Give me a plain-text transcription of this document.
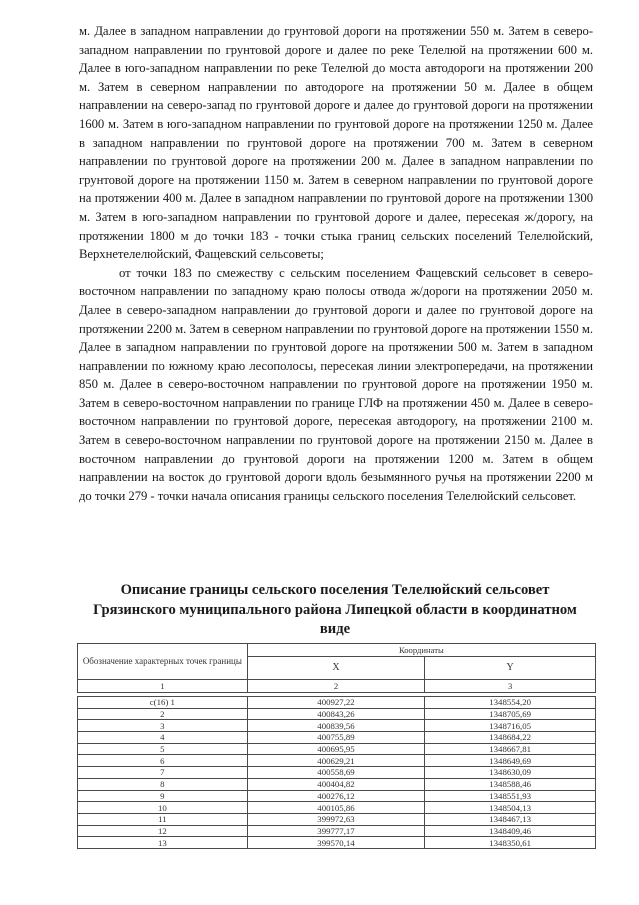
м. Далее в западном направлении до грунтовой дороги на протяжении 550 м. Затем в северо-западном направлении по грунтовой дороге и далее по реке Телелюй на протяжении 600 м. Далее в юго-западном направлении по реке Телелюй до моста автодороги на протяжении 200 м. Затем в северном направлении по автодороге на протяжении 50 м. Далее в общем направлении на северо-запад по грунтовой дороге и далее до грунтовой дороги на протяжении 1600 м. Затем в юго-западном направлении по грунтовой дороге на протяжении 1250 м. Далее в западном направлении по грунтовой дороге на протяжении 700 м. Затем в северном направлении по грунтовой дороге на протяжении 200 м. Далее в западном направлении по грунтовой дороге на протяжении 1150 м. Затем в северном направлении по грунтовой дороге на протяжении 400 м. Далее в западном направлении по грунтовой дороге на протяжении 1300 м. Затем в юго-западном направлении по грунтовой дороге и далее, пересекая ж/дорогу, на протяжении 1800 м до точки 183 - точки стыка границ сельских поселений Телелюйский, Верхнетелелюйский, Фащевский сельсоветы;

от точки 183 по смежеству с сельским поселением Фащевский сельсовет в северо-восточном направлении по западному краю полосы отвода ж/дороги на протяжении 2050 м. Далее в северо-западном направлении до грунтовой дороги и далее по грунтовой дороге на протяжении 2200 м. Затем в северном направлении по грунтовой дороге на протяжении 1550 м. Далее в западном направлении по грунтовой дороге на протяжении 500 м. Затем в западном направлении по южному краю лесополосы, пересекая линии электропередачи, на протяжении 850 м. Далее в северо-восточном направлении по грунтовой дороге на протяжении 1950 м. Затем в северо-восточном направлении по границе ГЛФ на протяжении 450 м. Далее в северо-восточном направлении по грунтовой дороге, пересекая автодорогу, на протяжении 2100 м. Затем в северо-восточном направлении по грунтовой дороге на протяжении 2150 м. Далее в восточном направлении до грунтовой дороги на протяжении 1200 м. Затем в общем направлении на восток до грунтовой дороги вдоль безымянного ручья на протяжении 2200 м до точки 279 - точки начала описания границы сельского поселения Телелюйский сельсовет.

Описание границы сельского поселения Телелюйский сельсовет
Грязинского муниципального района Липецкой области в координатном
виде
Обозначение характерных точек границы	Координаты	
	X	Y
1	2	3

с(16) 1	400927,22	1348554,20
2	400843,26	1348705,69
3	400839,56	1348716,05
4	400755,89	1348684,22
5	400695,95	1348667,81
6	400629,21	1348649,69
7	400558,69	1348630,09
8	400404,82	1348588,46
9	400276,12	1348551,93
10	400105,86	1348504,13
11	399972,63	1348467,13
12	399777,17	1348409,46
13	399570,14	1348350,61
